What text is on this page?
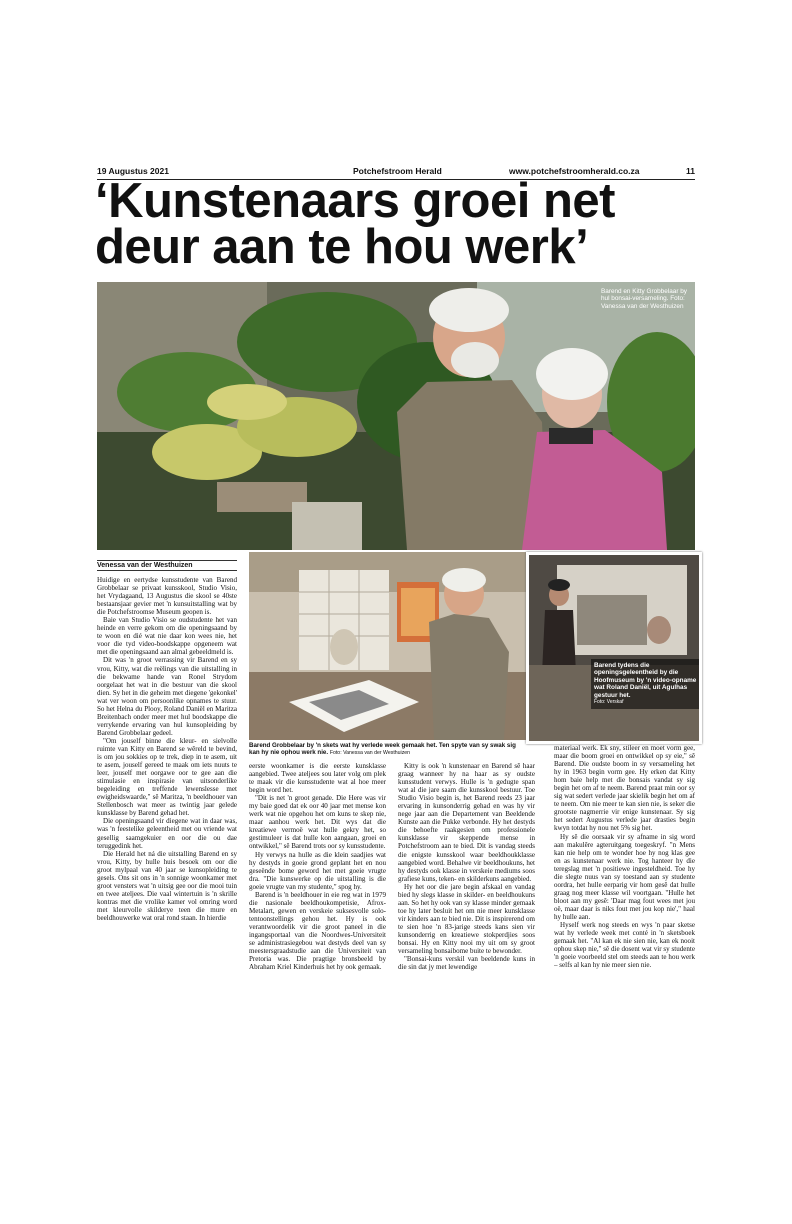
19 Augustus 2021	Potchefstroom Herald	www.potchefstroomherald.co.za	11
‘Kunstenaars groei net
deur aan te hou werk’
Barend en Kitty Grobbelaar by hul bonsai-versameling. Foto: Vanessa van der Westhuizen
Venessa van der Westhuizen

Huidige en eertydse kunsstudente van Barend Grobbelaar se privaat kunsskool, Studio Visio, het Vrydagaand, 13 Augustus die skool se 40ste bestaansjaar gevier met 'n kunsuitstalling wat by die Potchefstroomse Museum geopen is.

Baie van Studio Visio se oudstudente het van heinde en verre gekom om die openingsaand by te woon en dié wat nie daar kon wees nie, het voor die tyd video-boodskappe opgeneem wat met die openingsaand aan almal gebeeldmeld is.

Dit was 'n groot verrassing vir Barend en sy vrou, Kitty, wat die reëlings van die uitstalling in die bekwame hande van Ronel Strydom oorgelaat het wat in die bestuur van die skool dien. Sy het in die geheim met diegene 'gekonkel' wat ver woon om persoonlike opnames te stuur. So het Helna du Plooy, Roland Daniël en Maritza Breitenbach onder meer met hul boodskappe die verrykende ervaring van hul kunsopleiding by Barend Grobbelaar gedeel.

"Om jouself binne die kleur- en sielvolle ruimte van Kitty en Barend se wêreld te bevind, is om jou sokkies op te trek, diep in te asem, uit te asem, jouself gereed te maak om iets nuuts te leer, jouself met oorgawe oor te gee aan die stimulasie en inspirasie van uitsonderlike begeleiding en treffende lewenslesse met ewigheidswaarde," sê Maritza, 'n beeldhouer van Stellenbosch wat meer as twintig jaar gelede kunsklasse by Barend gehad het.

Die openingsaand vir diegene wat in daar was, was 'n feestelike geleentheid met ou vriende wat gesellig saamgekuier en oor die ou dae teruggedink het.

Die Herald het ná die uitstalling Barend en sy vrou, Kitty, by hulle huis besoek om oor die groot mylpaal van 40 jaar se kunsopleiding te gesels. Ons sit ons in 'n sonnige woonkamer met groot vensters wat 'n uitsig gee oor die mooi tuin en twee ateljees. Die vaal wintertuin is 'n skrille kontras met die vrolike kamer vol omring word met kleurvolle skilderye teen die mure en beeldhouwerke wat oral rond staan. In hierdie

Barend Grobbelaar by 'n skets wat hy verlede week gemaak het. Ten spyte van sy swak sig kan hy nie ophou werk nie. Foto: Vanessa van der Westhuizen
Barend tydens die openingsgeleentheid by die Hoofmuseum by 'n video-opname wat Roland Daniël, uit Agulhas gestuur het.
Foto: Verskaf

eerste woonkamer is die eerste kunsklasse aangebied. Twee ateljees sou later volg om plek te maak vir die kunsstudente wat al hoe meer begin word het.

"Dit is net 'n groot genade. Die Here was vir my baie goed dat ek oor 40 jaar met mense kon werk wat nie opgehou het om kuns te skep nie, maar aanhou werk het. Dit wys dat die kreatiewe vermoë wat hulle gekry het, so gestimuleer is dat hulle kon aangaan, groei en ontwikkel," sê Barend trots oor sy kunsstudente.

Hy verwys na hulle as die klein saadjies wat hy destyds in goeie grond geplant het en nou geseënde bome geword het met goeie vrugte dra. "Die kunswerke op die uitstalling is die goeie vrugte van my studente," spog hy.

Barend is 'n beeldhouer in eie reg wat in 1979 die nasionale beeldhoukompetisie, Afrox-Metalart, gewen en verskeie suksesvolle solo-tentoonstellings gehou het. Hy is ook verantwoordelik vir die groot paneel in die ingangsportaal van die Noordwes-Universiteit se administrasiegebou wat destyds deel van sy meestersgraadstudie aan die Universiteit van Pretoria was. Die pragtige bronsbeeld by Abraham Kriel Kinderhuis het hy ook gemaak.

Kitty is ook 'n kunstenaar en Barend sê haar graag wanneer hy na haar as sy oudste kunsstudent verwys. Hulle is 'n gedugte span wat al die jare saam die kunsskool bestuur. Toe Studio Visio begin is, het Barend reeds 23 jaar ervaring in kunsonderrig gehad en was hy vir nege jaar aan die Departement van Beeldende Kunste aan die Pukke verbonde. Hy het destyds die behoefte raakgesien om professionele kunsklasse vir skeppende mense in Potchefstroom aan te bied. Dit is vandag steeds die enigste kunsskool waar beeldhoukklasse aangebied word. Behalwe vir beeldhoukuns, het hy destyds ook klasse in verskeie mediums soos grafiese kuns, teken- en skilderkuns aangebied.

Hy het oor die jare begin afskaal en vandag bied hy slegs klasse in skilder- en beeldhoukuns aan. So het hy ook van sy klasse minder gemaak toe hy later besluit het om nie meer kunsklasse vir kinders aan te bied nie. Dit is inspirerend om te sien hoe 'n 83-jarige steeds kans sien vir kunsonderrig en kreatiewe stokperdjies soos bonsai. Hy en Kitty nooi my uit om sy groot versameling bonsaibome buite te bewonder.

"Bonsai-kuns verskil van beeldende kuns in die sin dat jy met lewendige

materiaal werk. Ek sny, stileer en moet vorm gee, maar die boom groei en ontwikkel op sy eie," sê Barend. Die oudste boom in sy versameling het hy in 1963 begin vorm gee. Hy erken dat Kitty hom baie help met die bonsais vandat sy sig begin het om af te neem. Barend praat min oor sy sig wat sedert verlede jaar skielik begin het om af te neem. Om nie meer te kan sien nie, is seker die grootste nagmerrie vir enige kunstenaar. Sy sig het sedert Augustus verlede jaar drasties begin kwyn totdat hy nou net 5% sig het.

Hy sê die oorsaak vir sy afname in sig word aan makulêre agteruitgang toegeskryf. "n Mens kan nie help om te wonder hoe hy nog klas gee en as kunstenaar werk nie. Tog hanteer hy die teregslag met 'n positiewe ingesteldheid. Toe hy die slegte nuus van sy toestand aan sy studente oordra, het hulle eerparig vir hom gesê dat hulle graag nog meer klasse wil voortgaan. "Hulle het bloot aan my gesê: 'Daar mag fout wees met jou oë, maar daar is niks fout met jou kop nie'," haal hy hulle aan.

Hyself werk nog steeds en wys 'n paar sketse wat hy verlede week met conté in 'n sketsboek gemaak het. "Al kan ek nie sien nie, kan ek nooit ophou skep nie," sê die dosent wat vir sy studente 'n goeie voorbeeld stel om steeds aan te hou werk – selfs al kan hy nie meer sien nie.
